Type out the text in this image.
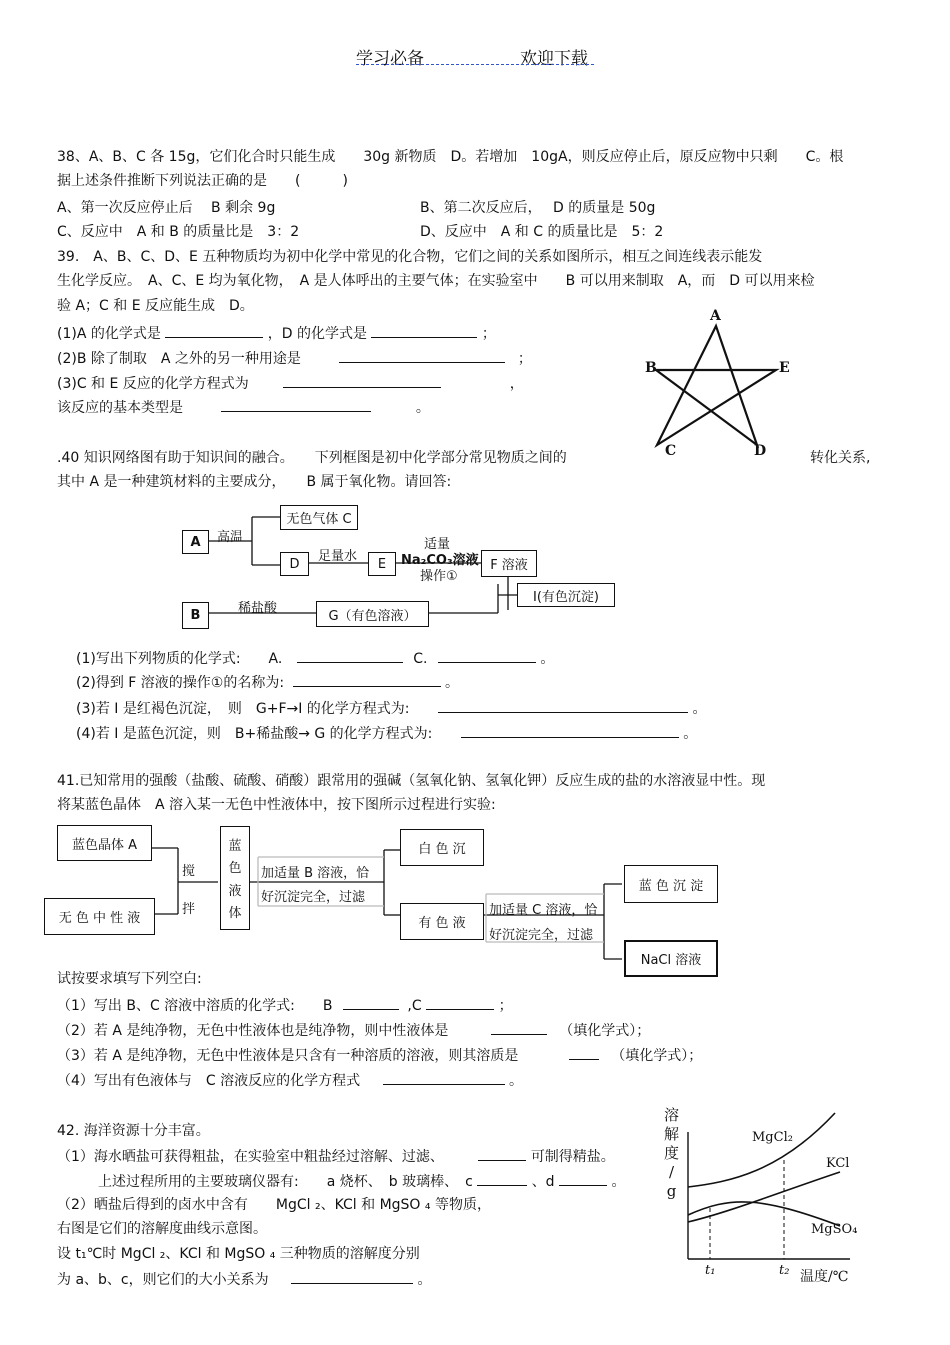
学习必备	欢迎下载
38、A、B、C 各 15g，它们化合时只能生成　　30g 新物质　D。若增加　10gA，则反应停止后，原反应物中只剩　　C。根
据上述条件推断下列说法正确的是　　(　　　)
A、第一次反应停止后　 B 剩余 9g	B、第二次反应后，　 D 的质量是 50g
C、反应中　A 和 B 的质量比是　3：2	D、反应中　A 和 C 的质量比是　5：2
39.　A、B、C、D、E 五种物质均为初中化学中常见的化合物，它们之间的关系如图所示，相互之间连线表示能发
生化学反应。　A、C、E 均为氧化物，　A 是人体呼出的主要气体；在实验室中　　B 可以用来制取　A，而　D 可以用来检
验 A；C 和 E 反应能生成　D。
(1)A 的化学式是	，D 的化学式是	；
(2)B 除了制取　A 之外的另一种用途是	；
(3)C 和 E 反应的化学方程式为	，
该反应的基本类型是	。
A
B
C	D
E
.40 知识网络图有助于知识间的融合。　　下列框图是初中化学部分常见物质之间的	转化关系,
其中 A 是一种建筑材料的主要成分，　　B 属于氧化物。请回答:
A
无色气体 C
D	E	F 溶液
I(有色沉淀)
B	G（有色溶液）
高温
足量水
适量
Na₂CO₃溶液
操作①
稀盐酸
(1)写出下列物质的化学式:　　A.	C.	。
(2)得到 F 溶液的操作①的名称为:	。
(3)若 I 是红褐色沉淀，　则　G+F→I 的化学方程式为:	。
(4)若 I 是蓝色沉淀，则　B+稀盐酸→ G 的化学方程式为:	。
41.已知常用的强酸（盐酸、硫酸、硝酸）跟常用的强碱（氢氧化钠、氢氧化钾）反应生成的盐的水溶液显中性。现
将某蓝色晶体　A 溶入某一无色中性液体中，按下图所示过程进行实验:
蓝色晶体 A
无 色 中 性 液
搅
拌
蓝
色
液
体
加适量 B 溶液，恰
好沉淀完全，过滤
白 色 沉
有 色 液
加适量 C 溶液，恰
好沉淀完全，过滤
蓝 色 沉 淀
NaCl 溶液
试按要求填写下列空白:
（1）写出 B、C 溶液中溶质的化学式:　　B	,C	；
（2）若 A 是纯净物，无色中性液体也是纯净物，则中性液体是	（填化学式）；
（3）若 A 是纯净物，无色中性液体是只含有一种溶质的溶液，则其溶质是	（填化学式）；
（4）写出有色液体与　C 溶液反应的化学方程式	。
42. 海洋资源十分丰富。
（1）海水晒盐可获得粗盐，在实验室中粗盐经过溶解、过滤、	可制得精盐。
上述过程所用的主要玻璃仪器有:　　a 烧杯、　b 玻璃棒、　c	、d	。
（2）晒盐后得到的卤水中含有　　MgCl ₂、KCl 和 MgSO ₄ 等物质，
右图是它们的溶解度曲线示意图。
设 t₁℃时 MgCl ₂、KCl 和 MgSO ₄ 三种物质的溶解度分别
为 a、b、c，则它们的大小关系为	。
溶
解
度
/
g
MgCl₂
KCl
MgSO₄
t₁	t₂ 温度/℃
